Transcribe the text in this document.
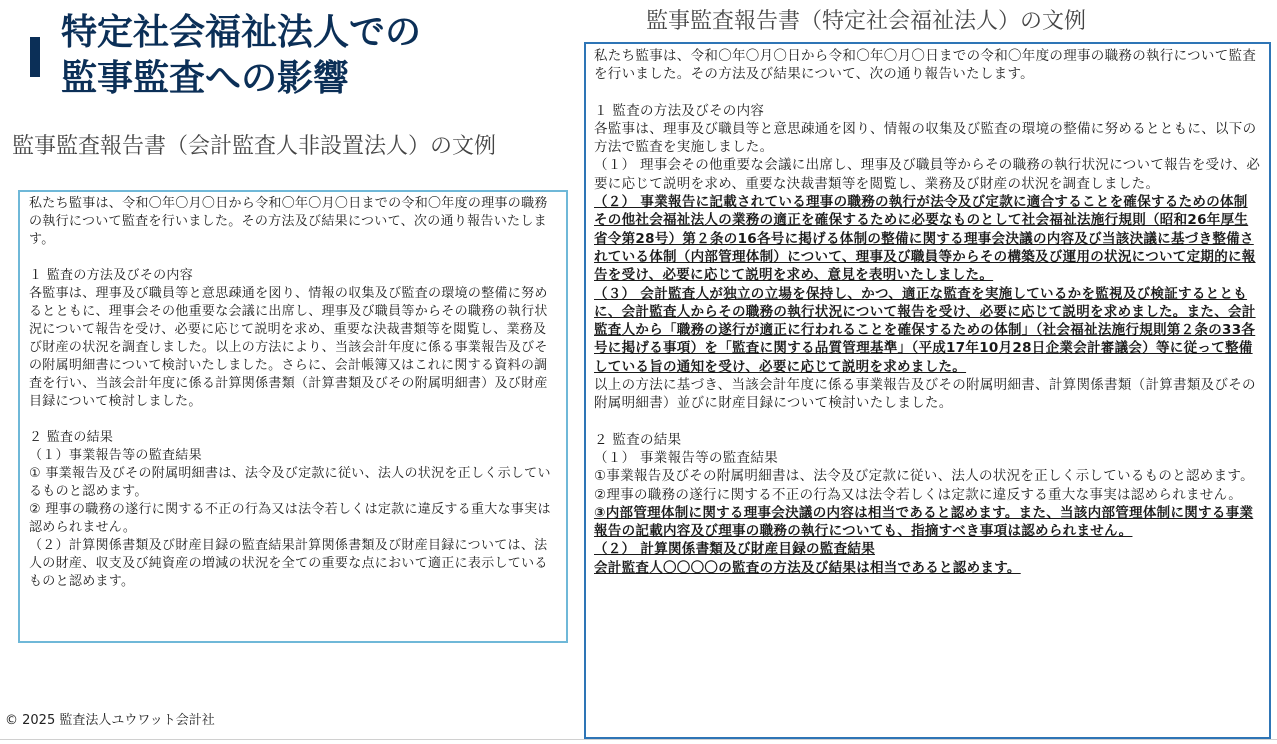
特定社会福祉法人での
監事監査への影響
監事監査報告書（会計監査人非設置法人）の文例
監事監査報告書（特定社会福祉法人）の文例

私たち監事は、令和〇年〇月〇日から令和〇年〇月〇日までの令和〇年度の理事の職務の執行について監査を行いました。その方法及び結果について、次の通り報告いたします。

１ 監査の方法及びその内容

各監事は、理事及び職員等と意思疎通を図り、情報の収集及び監査の環境の整備に努めるとともに、理事会その他重要な会議に出席し、理事及び職員等からその職務の執行状況について報告を受け、必要に応じて説明を求め、重要な決裁書類等を閲覧し、業務及び財産の状況を調査しました。以上の方法により、当該会計年度に係る事業報告及びその附属明細書について検討いたしました。さらに、会計帳簿又はこれに関する資料の調査を行い、当該会計年度に係る計算関係書類（計算書類及びその附属明細書）及び財産目録について検討しました。

２ 監査の結果

（１）事業報告等の監査結果

① 事業報告及びその附属明細書は、法令及び定款に従い、法人の状況を正しく示しているものと認めます。

② 理事の職務の遂行に関する不正の行為又は法令若しくは定款に違反する重大な事実は認められません。

（２）計算関係書類及び財産目録の監査結果計算関係書類及び財産目録については、法人の財産、収支及び純資産の増減の状況を全ての重要な点において適正に表示しているものと認めます。

私たち監事は、令和〇年〇月〇日から令和〇年〇月〇日までの令和〇年度の理事の職務の執行について監査を行いました。その方法及び結果について、次の通り報告いたします。

１ 監査の方法及びその内容

各監事は、理事及び職員等と意思疎通を図り、情報の収集及び監査の環境の整備に努めるとともに、以下の方法で監査を実施しました。

（１） 理事会その他重要な会議に出席し、理事及び職員等からその職務の執行状況について報告を受け、必要に応じて説明を求め、重要な決裁書類等を閲覧し、業務及び財産の状況を調査しました。

（２） 事業報告に記載されている理事の職務の執行が法令及び定款に適合することを確保するための体制その他社会福祉法人の業務の適正を確保するために必要なものとして社会福祉法施行規則（昭和26年厚生省令第28号）第２条の16各号に掲げる体制の整備に関する理事会決議の内容及び当該決議に基づき整備されている体制（内部管理体制）について、理事及び職員等からその構築及び運用の状況について定期的に報告を受け、必要に応じて説明を求め、意見を表明いたしました。

（３） 会計監査人が独立の立場を保持し、かつ、適正な監査を実施しているかを監視及び検証するとともに、会計監査人からその職務の執行状況について報告を受け、必要に応じて説明を求めました。また、会計監査人から「職務の遂行が適正に行われることを確保するための体制」（社会福祉法施行規則第２条の33各号に掲げる事項）を「監査に関する品質管理基準」（平成17年10月28日企業会計審議会）等に従って整備している旨の通知を受け、必要に応じて説明を求めました。

以上の方法に基づき、当該会計年度に係る事業報告及びその附属明細書、計算関係書類（計算書類及びその附属明細書）並びに財産目録について検討いたしました。

２ 監査の結果

（１） 事業報告等の監査結果

①事業報告及びその附属明細書は、法令及び定款に従い、法人の状況を正しく示しているものと認めます。

②理事の職務の遂行に関する不正の行為又は法令若しくは定款に違反する重大な事実は認められません。

③内部管理体制に関する理事会決議の内容は相当であると認めます。また、当該内部管理体制に関する事業報告の記載内容及び理事の職務の執行についても、指摘すべき事項は認められません。

（２） 計算関係書類及び財産目録の監査結果

会計監査人〇〇〇〇の監査の方法及び結果は相当であると認めます。

© 2025 監査法人ユウワット会計社
